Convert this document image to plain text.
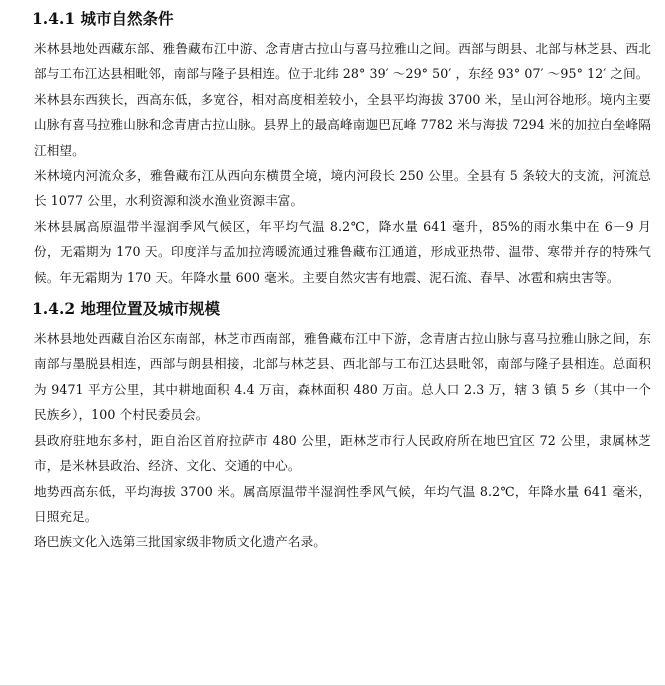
1.4.1 城市自然条件

米林县地处西藏东部、雅鲁藏布江中游、念青唐古拉山与喜马拉雅山之间。西部与朗县、北部与林芝县、西北部与工布江达县相毗邻，南部与隆子县相连。位于北纬 28° 39′ ～29° 50′ ，东经 93° 07′ ～95° 12′ 之间。

米林县东西狭长，西高东低，多宽谷，相对高度相差较小，全县平均海拔 3700 米，呈山河谷地形。境内主要山脉有喜马拉雅山脉和念青唐古拉山脉。县界上的最高峰南迦巴瓦峰 7782 米与海拔 7294 米的加拉白垒峰隔江相望。

米林境内河流众多，雅鲁藏布江从西向东横贯全境，境内河段长 250 公里。全县有 5 条较大的支流，河流总长 1077 公里，水利资源和淡水渔业资源丰富。

米林县属高原温带半湿润季风气候区，年平均气温 8.2℃，降水量 641 毫升，85%的雨水集中在 6－9 月份，无霜期为 170 天。印度洋与孟加拉湾暖流通过雅鲁藏布江通道，形成亚热带、温带、寒带并存的特殊气候。年无霜期为 170 天。年降水量 600 毫米。主要自然灾害有地震、泥石流、春旱、冰雹和病虫害等。

1.4.2 地理位置及城市规模

米林县地处西藏自治区东南部，林芝市西南部，雅鲁藏布江中下游，念青唐古拉山脉与喜马拉雅山脉之间，东南部与墨脱县相连，西部与朗县相接，北部与林芝县、西北部与工布江达县毗邻，南部与隆子县相连。总面积为 9471 平方公里，其中耕地面积 4.4 万亩，森林面积 480 万亩。总人口 2.3 万，辖 3 镇 5 乡（其中一个民族乡），100 个村民委员会。

县政府驻地东多村，距自治区首府拉萨市 480 公里，距林芝市行人民政府所在地巴宜区 72 公里，隶属林芝市，是米林县政治、经济、文化、交通的中心。

地势西高东低，平均海拔 3700 米。属高原温带半湿润性季风气候，年均气温 8.2℃，年降水量 641 毫米，日照充足。

珞巴族文化入选第三批国家级非物质文化遗产名录。
